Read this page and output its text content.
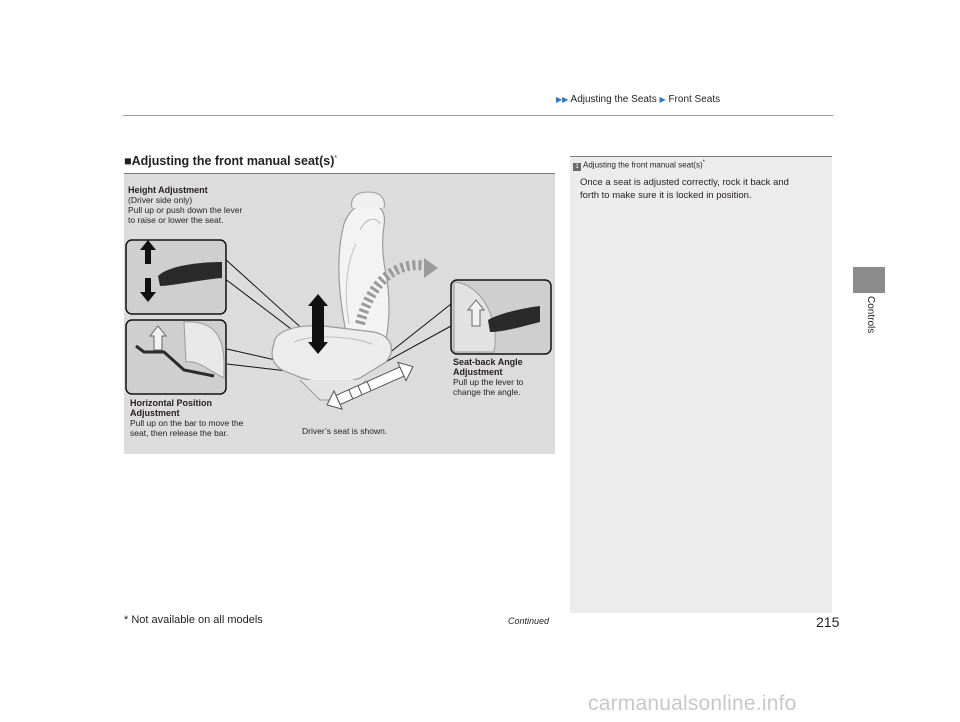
▶▶ Adjusting the Seats ▶ Front Seats
Controls
■Adjusting the front manual seat(s)*
Height Adjustment
(Driver side only)
Pull up or push down the lever
to raise or lower the seat.
Seat-back Angle
Adjustment
Pull up the lever to
change the angle.
Horizontal Position
Adjustment
Pull up on the bar to move the
seat, then release the bar.	Driver’s seat is shown.
1 Adjusting the front manual seat(s)*
Once a seat is adjusted correctly, rock it back and
forth to make sure it is locked in position.
* Not available on all models	Continued	215
carmanualsonline.info
